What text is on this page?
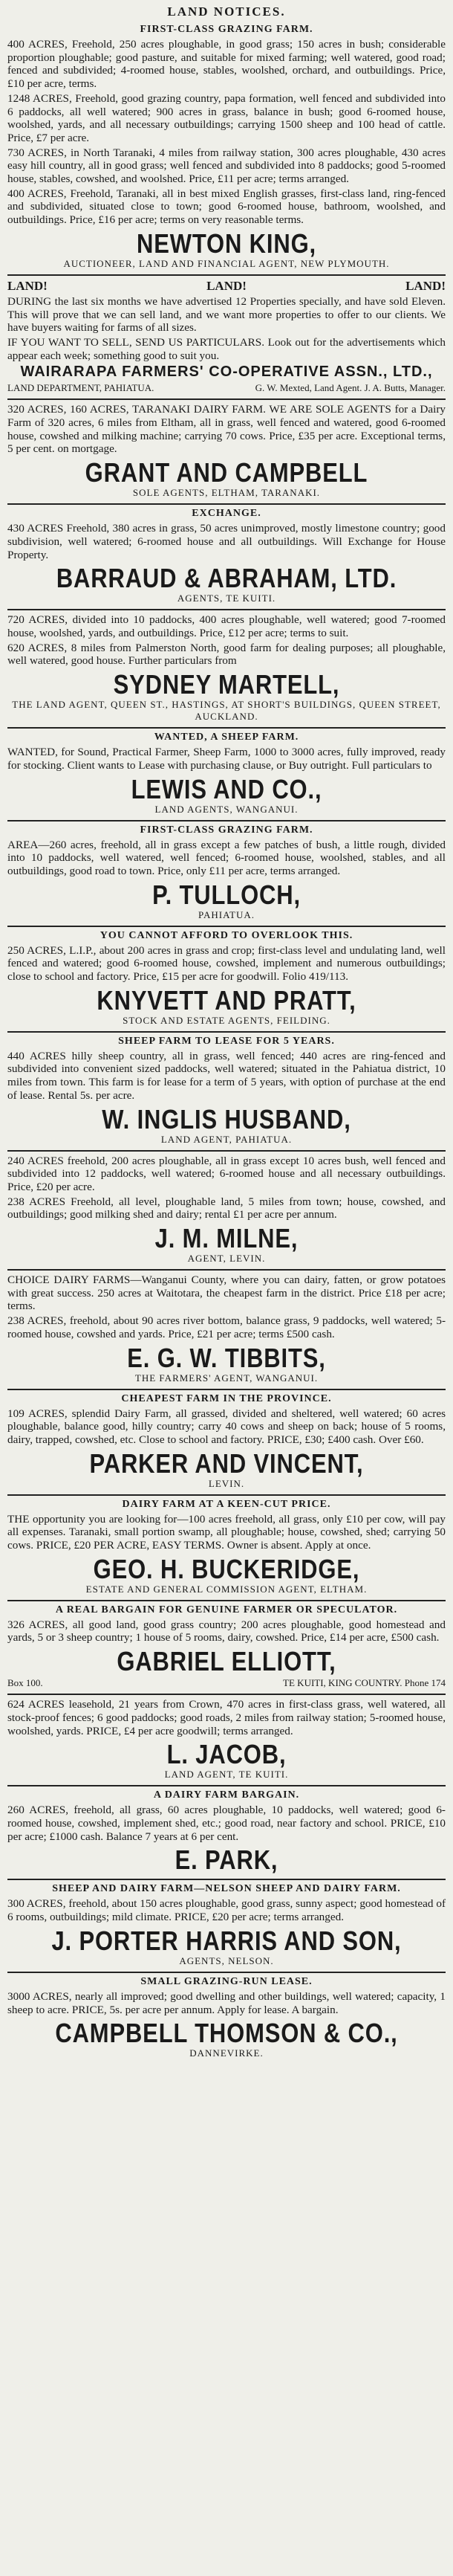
LAND NOTICES.
FIRST-CLASS GRAZING FARM.

400 ACRES, Freehold, 250 acres ploughable, in good grass; 150 acres in bush; considerable proportion ploughable; good pasture, and suitable for mixed farming; well watered, good road; fenced and subdivided; 4-roomed house, stables, woolshed, orchard, and outbuildings. Price, £10 per acre, terms.

1248 ACRES, Freehold, good grazing country, papa formation, well fenced and subdivided into 6 paddocks, all well watered; 900 acres in grass, balance in bush; good 6-roomed house, woolshed, yards, and all necessary outbuildings; carrying 1500 sheep and 100 head of cattle. Price, £7 per acre.

730 ACRES, in North Taranaki, 4 miles from railway station, 300 acres ploughable, 430 acres easy hill country, all in good grass; well fenced and subdivided into 8 paddocks; good 5-roomed house, stables, cowshed, and woolshed. Price, £11 per acre; terms arranged.

400 ACRES, Freehold, Taranaki, all in best mixed English grasses, first-class land, ring-fenced and subdivided, situated close to town; good 6-roomed house, bathroom, woolshed, and outbuildings. Price, £16 per acre; terms on very reasonable terms.

NEWTON KING,
AUCTIONEER, LAND AND FINANCIAL AGENT, NEW PLYMOUTH.
LAND!	LAND!	LAND!

DURING the last six months we have advertised 12 Properties specially, and have sold Eleven. This will prove that we can sell land, and we want more properties to offer to our clients. We have buyers waiting for farms of all sizes.

IF YOU WANT TO SELL, SEND US PARTICULARS. Look out for the advertisements which appear each week; something good to suit you.

WAIRARAPA FARMERS' CO-OPERATIVE ASSN., LTD.,
LAND DEPARTMENT, PAHIATUA.	G. W. Mexted, Land Agent. J. A. Butts, Manager.

320 ACRES, 160 ACRES, TARANAKI DAIRY FARM. WE ARE SOLE AGENTS for a Dairy Farm of 320 acres, 6 miles from Eltham, all in grass, well fenced and watered, good 6-roomed house, cowshed and milking machine; carrying 70 cows. Price, £35 per acre. Exceptional terms, 5 per cent. on mortgage.

GRANT AND CAMPBELL
SOLE AGENTS, ELTHAM, TARANAKI.
EXCHANGE.

430 ACRES Freehold, 380 acres in grass, 50 acres unimproved, mostly limestone country; good subdivision, well watered; 6-roomed house and all outbuildings. Will Exchange for House Property.

BARRAUD & ABRAHAM, LTD.
AGENTS, TE KUITI.

720 ACRES, divided into 10 paddocks, 400 acres ploughable, well watered; good 7-roomed house, woolshed, yards, and outbuildings. Price, £12 per acre; terms to suit.

620 ACRES, 8 miles from Palmerston North, good farm for dealing purposes; all ploughable, well watered, good house. Further particulars from

SYDNEY MARTELL,
THE LAND AGENT, QUEEN ST., HASTINGS, AT SHORT'S BUILDINGS, QUEEN STREET, AUCKLAND.
WANTED, A SHEEP FARM.

WANTED, for Sound, Practical Farmer, Sheep Farm, 1000 to 3000 acres, fully improved, ready for stocking. Client wants to Lease with purchasing clause, or Buy outright. Full particulars to

LEWIS AND CO.,
LAND AGENTS, WANGANUI.
FIRST-CLASS GRAZING FARM.

AREA—260 acres, freehold, all in grass except a few patches of bush, a little rough, divided into 10 paddocks, well watered, well fenced; 6-roomed house, woolshed, stables, and all outbuildings, good road to town. Price, only £11 per acre, terms arranged.

P. TULLOCH,
PAHIATUA.
YOU CANNOT AFFORD TO OVERLOOK THIS.

250 ACRES, L.I.P., about 200 acres in grass and crop; first-class level and undulating land, well fenced and watered; good 6-roomed house, cowshed, implement and numerous outbuildings; close to school and factory. Price, £15 per acre for goodwill. Folio 419/113.

KNYVETT AND PRATT,
STOCK AND ESTATE AGENTS, FEILDING.
SHEEP FARM TO LEASE FOR 5 YEARS.

440 ACRES hilly sheep country, all in grass, well fenced; 440 acres are ring-fenced and subdivided into convenient sized paddocks, well watered; situated in the Pahiatua district, 10 miles from town. This farm is for lease for a term of 5 years, with option of purchase at the end of lease. Rental 5s. per acre.

W. INGLIS HUSBAND,
LAND AGENT, PAHIATUA.

240 ACRES freehold, 200 acres ploughable, all in grass except 10 acres bush, well fenced and subdivided into 12 paddocks, well watered; 6-roomed house and all necessary outbuildings. Price, £20 per acre.

238 ACRES Freehold, all level, ploughable land, 5 miles from town; house, cowshed, and outbuildings; good milking shed and dairy; rental £1 per acre per annum.

J. M. MILNE,
AGENT, LEVIN.

CHOICE DAIRY FARMS—Wanganui County, where you can dairy, fatten, or grow potatoes with great success. 250 acres at Waitotara, the cheapest farm in the district. Price £18 per acre; terms.

238 ACRES, freehold, about 90 acres river bottom, balance grass, 9 paddocks, well watered; 5-roomed house, cowshed and yards. Price, £21 per acre; terms £500 cash.

E. G. W. TIBBITS,
THE FARMERS' AGENT, WANGANUI.
CHEAPEST FARM IN THE PROVINCE.

109 ACRES, splendid Dairy Farm, all grassed, divided and sheltered, well watered; 60 acres ploughable, balance good, hilly country; carry 40 cows and sheep on back; house of 5 rooms, dairy, trapped, cowshed, etc. Close to school and factory. PRICE, £30; £400 cash. Over £60.

PARKER AND VINCENT,
LEVIN.
DAIRY FARM AT A KEEN-CUT PRICE.

THE opportunity you are looking for—100 acres freehold, all grass, only £10 per cow, will pay all expenses. Taranaki, small portion swamp, all ploughable; house, cowshed, shed; carrying 50 cows. PRICE, £20 PER ACRE, EASY TERMS. Owner is absent. Apply at once.

GEO. H. BUCKERIDGE,
ESTATE AND GENERAL COMMISSION AGENT, ELTHAM.
A REAL BARGAIN FOR GENUINE FARMER OR SPECULATOR.

326 ACRES, all good land, good grass country; 200 acres ploughable, good homestead and yards, 5 or 3 sheep country; 1 house of 5 rooms, dairy, cowshed. Price, £14 per acre, £500 cash.

GABRIEL ELLIOTT,
Box 100.	TE KUITI, KING COUNTRY. Phone 174

624 ACRES leasehold, 21 years from Crown, 470 acres in first-class grass, well watered, all stock-proof fences; 6 good paddocks; good roads, 2 miles from railway station; 5-roomed house, woolshed, yards. PRICE, £4 per acre goodwill; terms arranged.

L. JACOB,
LAND AGENT, TE KUITI.
A DAIRY FARM BARGAIN.

260 ACRES, freehold, all grass, 60 acres ploughable, 10 paddocks, well watered; good 6-roomed house, cowshed, implement shed, etc.; good road, near factory and school. PRICE, £10 per acre; £1000 cash. Balance 7 years at 6 per cent.

E. PARK,
SHEEP AND DAIRY FARM—NELSON SHEEP AND DAIRY FARM.

300 ACRES, freehold, about 150 acres ploughable, good grass, sunny aspect; good homestead of 6 rooms, outbuildings; mild climate. PRICE, £20 per acre; terms arranged.

J. PORTER HARRIS AND SON,
AGENTS, NELSON.
SMALL GRAZING-RUN LEASE.

3000 ACRES, nearly all improved; good dwelling and other buildings, well watered; capacity, 1 sheep to acre. PRICE, 5s. per acre per annum. Apply for lease. A bargain.

CAMPBELL THOMSON & CO.,
DANNEVIRKE.
